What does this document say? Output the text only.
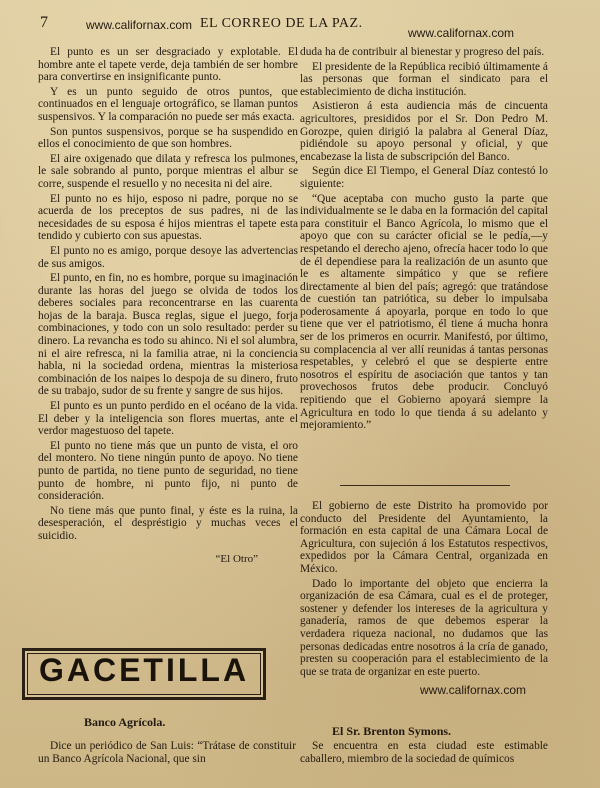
7	www.californax.com EL CORREO DE LA PAZ.
www.californax.com

El punto es un ser desgraciado y explotable. El hombre ante el tapete verde, deja también de ser hombre para convertirse en insignificante punto.

Y es un punto seguido de otros puntos, que continuados en el lenguaje ortográfico, se llaman puntos suspensivos. Y la comparación no puede ser más exacta.

Son puntos suspensivos, porque se ha suspendido en ellos el conocimiento de que son hombres.

El aire oxigenado que dilata y refresca los pulmones, le sale sobrando al punto, porque mientras el albur se corre, suspende el resuello y no necesita ni del aire.

El punto no es hijo, esposo ni padre, porque no se acuerda de los preceptos de sus padres, ni de las necesidades de su esposa é hijos mientras el tapete esta tendido y cubierto con sus apuestas.

El punto no es amigo, porque desoye las advertencias de sus amigos.

El punto, en fin, no es hombre, porque su imaginación durante las horas del juego se olvida de todos los deberes sociales para reconcentrarse en las cuarenta hojas de la baraja. Busca reglas, sigue el juego, forja combinaciones, y todo con un solo resultado: perder su dinero. La revancha es todo su ahinco. Ni el sol alumbra, ni el aire refresca, ni la familia atrae, ni la conciencia habla, ni la sociedad ordena, mientras la misteriosa combinación de los naipes lo despoja de su dinero, fruto de su trabajo, sudor de su frente y sangre de sus hijos.

El punto es un punto perdido en el océano de la vida. El deber y la inteligencia son flores muertas, ante el verdor magestuoso del tapete.

El punto no tiene más que un punto de vista, el oro del montero. No tiene ningún punto de apoyo. No tiene punto de partida, no tiene punto de seguridad, no tiene punto de hombre, ni punto fijo, ni punto de consideración.

No tiene más que punto final, y éste es la ruina, la desesperación, el despréstigio y muchas veces el suicidio.

“El Otro”

duda ha de contribuir al bienestar y progreso del país.

El presidente de la República recibió últimamente á las personas que forman el sindicato para el establecimiento de dicha institución.

Asistieron á esta audiencia más de cincuenta agricultores, presididos por el Sr. Don Pedro M. Gorozpe, quien dirigió la palabra al General Díaz, pidiéndole su apoyo personal y oficial, y que encabezase la lista de subscripción del Banco.

Según dice El Tiempo, el General Díaz contestó lo siguiente:

“Que aceptaba con mucho gusto la parte que individualmente se le daba en la formación del capital para constituir el Banco Agrícola, lo mismo que el apoyo que con su carácter oficial se le pedía,—y respetando el derecho ajeno, ofrecía hacer todo lo que de él dependiese para la realización de un asunto que le es altamente simpático y que se refiere directamente al bien del país; agregó: que tratándose de cuestión tan patriótica, su deber lo impulsaba poderosamente á apoyarla, porque en todo lo que tiene que ver el patriotismo, él tiene á mucha honra ser de los primeros en ocurrir. Manifestó, por último, su complacencia al ver allí reunidas á tantas personas respetables, y celebró el que se despierte entre nosotros el espíritu de asociación que tantos y tan provechosos frutos debe producir. Concluyó repitiendo que el Gobierno apoyará siempre la Agricultura en todo lo que tienda á su adelanto y mejoramiento.”

El gobierno de este Distrito ha promovido por conducto del Presidente del Ayuntamiento, la formación en esta capital de una Cámara Local de Agricultura, con sujeción á los Estatutos respectivos, expedidos por la Cámara Central, organizada en México.

Dado lo importante del objeto que encierra la organización de esa Cámara, cual es el de proteger, sostener y defender los intereses de la agricultura y ganadería, ramos de que debemos esperar la verdadera riqueza nacional, no dudamos que las personas dedicadas entre nosotros á la cría de ganado, presten su cooperación para el establecimiento de la que se trata de organizar en este puerto.

GACETILLA
www.californax.com
Banco Agrícola.
El Sr. Brenton Symons.

Dice un periódico de San Luis: “Trátase de constituir un Banco Agrícola Nacional, que sin

Se encuentra en esta ciudad este estimable caballero, miembro de la sociedad de químicos
